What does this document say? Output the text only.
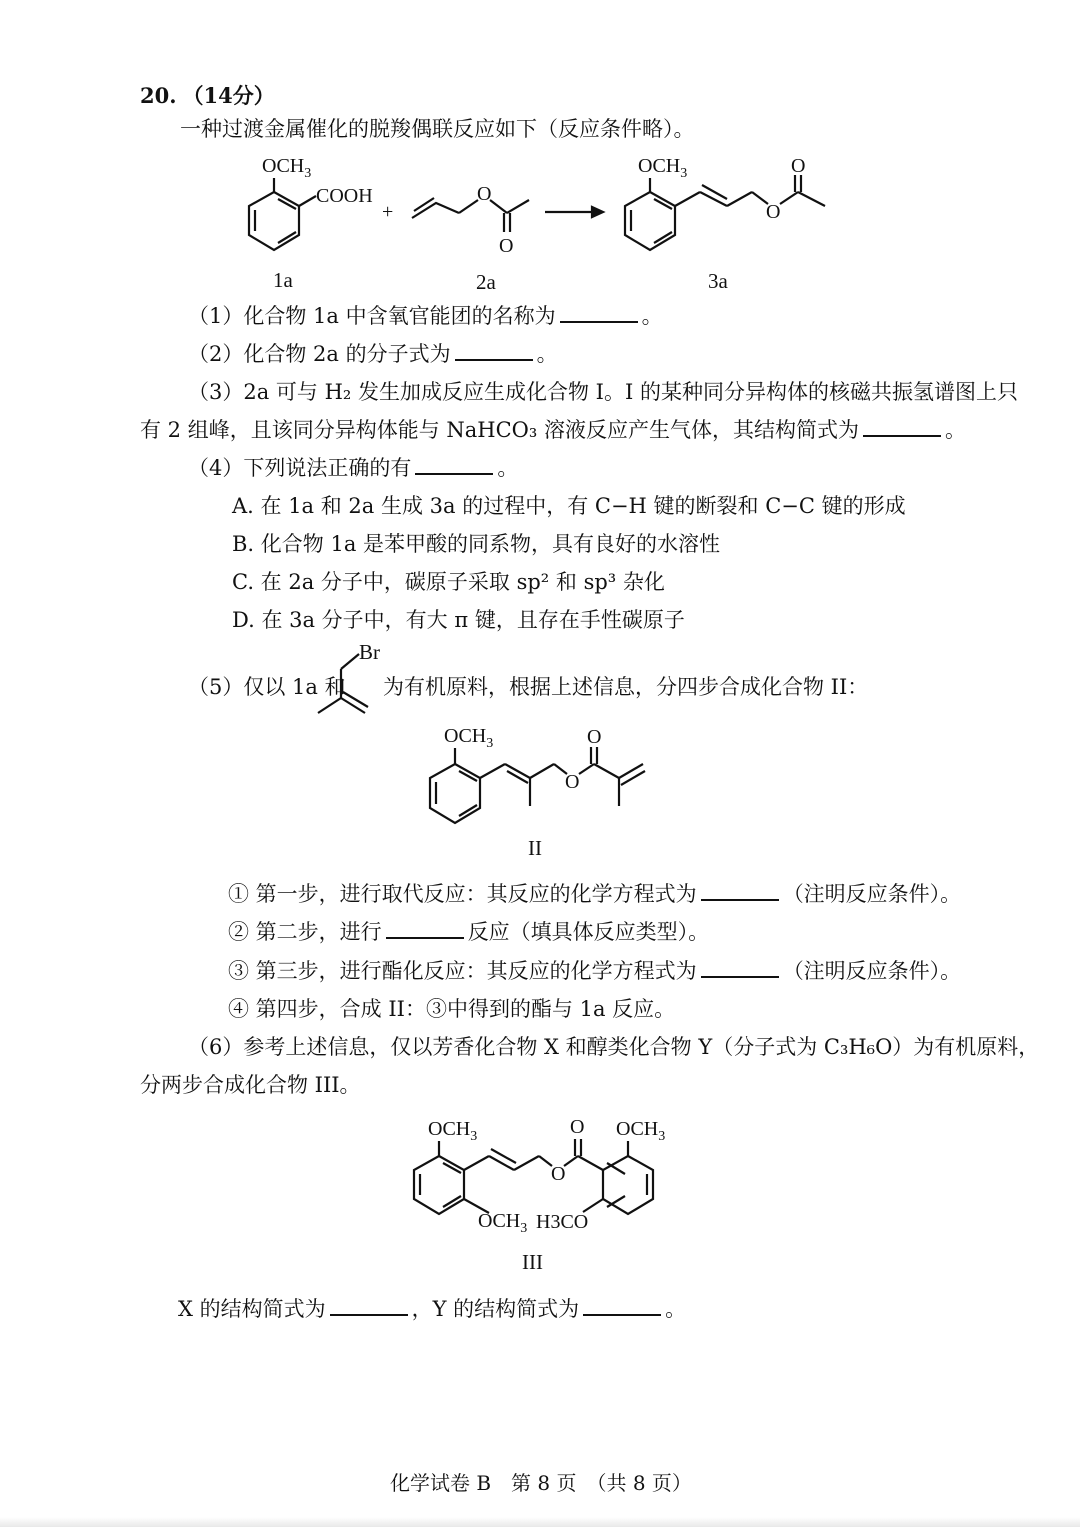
20. （14分）
一种过渡金属催化的脱羧偶联反应如下（反应条件略）。
$OCH_3$
COOH
+
O
O
$OCH_3$
O
O
1a	2a	3a
（1）化合物 1a 中含氧官能团的名称为	。
（2）化合物 2a 的分子式为	。
（3）2a 可与 H₂ 发生加成反应生成化合物 I。I 的某种同分异构体的核磁共振氢谱图上只
有 2 组峰，且该同分异构体能与 NaHCO₃ 溶液反应产生气体，其结构简式为	。
（4）下列说法正确的有	。
A. 在 1a 和 2a 生成 3a 的过程中，有 C−H 键的断裂和 C−C 键的形成
B. 化合物 1a 是苯甲酸的同系物，具有良好的水溶性
C. 在 2a 分子中，碳原子采取 sp² 和 sp³ 杂化
D. 在 3a 分子中，有大 π 键，且存在手性碳原子
（5）仅以 1a 和 为有机原料，根据上述信息，分四步合成化合物 II：
Br
$OCH_3$
O
O
II
① 第一步，进行取代反应：其反应的化学方程式为	（注明反应条件）。
② 第二步，进行	反应（填具体反应类型）。
③ 第三步，进行酯化反应：其反应的化学方程式为	（注明反应条件）。
④ 第四步，合成 II：③中得到的酯与 1a 反应。
（6）参考上述信息，仅以芳香化合物 X 和醇类化合物 Y（分子式为 C₃H₆O）为有机原料，
分两步合成化合物 III。
$OCH_3$
$OCH_3$
O
O $OCH_3$
H3CO
III
X 的结构简式为	，Y 的结构简式为	。
化学试卷 B　第 8 页　（共 8 页）
